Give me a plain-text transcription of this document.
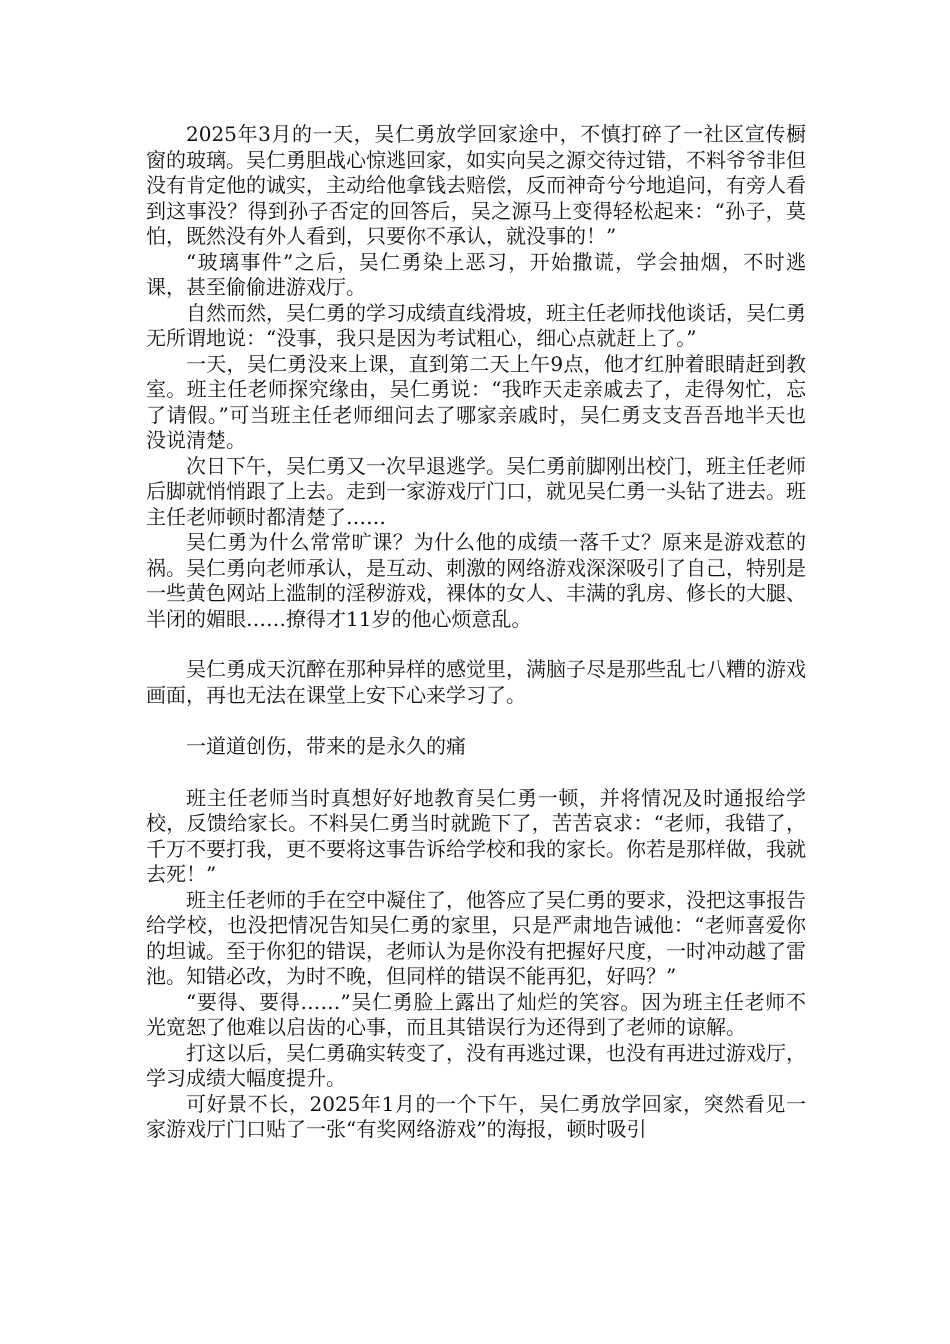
2025年3月的一天，吴仁勇放学回家途中，不慎打碎了一社区宣传橱窗的玻璃。吴仁勇胆战心惊逃回家，如实向吴之源交待过错，不料爷爷非但没有肯定他的诚实，主动给他拿钱去赔偿，反而神奇兮兮地追问，有旁人看到这事没？得到孙子否定的回答后，吴之源马上变得轻松起来：“孙子，莫怕，既然没有外人看到，只要你不承认，就没事的！”

“玻璃事件”之后，吴仁勇染上恶习，开始撒谎，学会抽烟，不时逃课，甚至偷偷进游戏厅。

自然而然，吴仁勇的学习成绩直线滑坡，班主任老师找他谈话，吴仁勇无所谓地说：“没事，我只是因为考试粗心，细心点就赶上了。”

一天，吴仁勇没来上课，直到第二天上午9点，他才红肿着眼睛赶到教室。班主任老师探究缘由，吴仁勇说：“我昨天走亲戚去了，走得匆忙，忘了请假。”可当班主任老师细问去了哪家亲戚时，吴仁勇支支吾吾地半天也没说清楚。

次日下午，吴仁勇又一次早退逃学。吴仁勇前脚刚出校门，班主任老师后脚就悄悄跟了上去。走到一家游戏厅门口，就见吴仁勇一头钻了进去。班主任老师顿时都清楚了……

吴仁勇为什么常常旷课？为什么他的成绩一落千丈？原来是游戏惹的祸。吴仁勇向老师承认，是互动、刺激的网络游戏深深吸引了自己，特别是一些黄色网站上滥制的淫秽游戏，裸体的女人、丰满的乳房、修长的大腿、半闭的媚眼……撩得才11岁的他心烦意乱。

吴仁勇成天沉醉在那种异样的感觉里，满脑子尽是那些乱七八糟的游戏画面，再也无法在课堂上安下心来学习了。

一道道创伤，带来的是永久的痛

班主任老师当时真想好好地教育吴仁勇一顿，并将情况及时通报给学校，反馈给家长。不料吴仁勇当时就跪下了，苦苦哀求：“老师，我错了，千万不要打我，更不要将这事告诉给学校和我的家长。你若是那样做，我就去死！”

班主任老师的手在空中凝住了，他答应了吴仁勇的要求，没把这事报告给学校，也没把情况告知吴仁勇的家里，只是严肃地告诫他：“老师喜爱你的坦诚。至于你犯的错误，老师认为是你没有把握好尺度，一时冲动越了雷池。知错必改，为时不晚，但同样的错误不能再犯，好吗？”

“要得、要得……”吴仁勇脸上露出了灿烂的笑容。因为班主任老师不光宽恕了他难以启齿的心事，而且其错误行为还得到了老师的谅解。

打这以后，吴仁勇确实转变了，没有再逃过课，也没有再进过游戏厅，学习成绩大幅度提升。

可好景不长，2025年1月的一个下午，吴仁勇放学回家，突然看见一家游戏厅门口贴了一张“有奖网络游戏”的海报，顿时吸引
